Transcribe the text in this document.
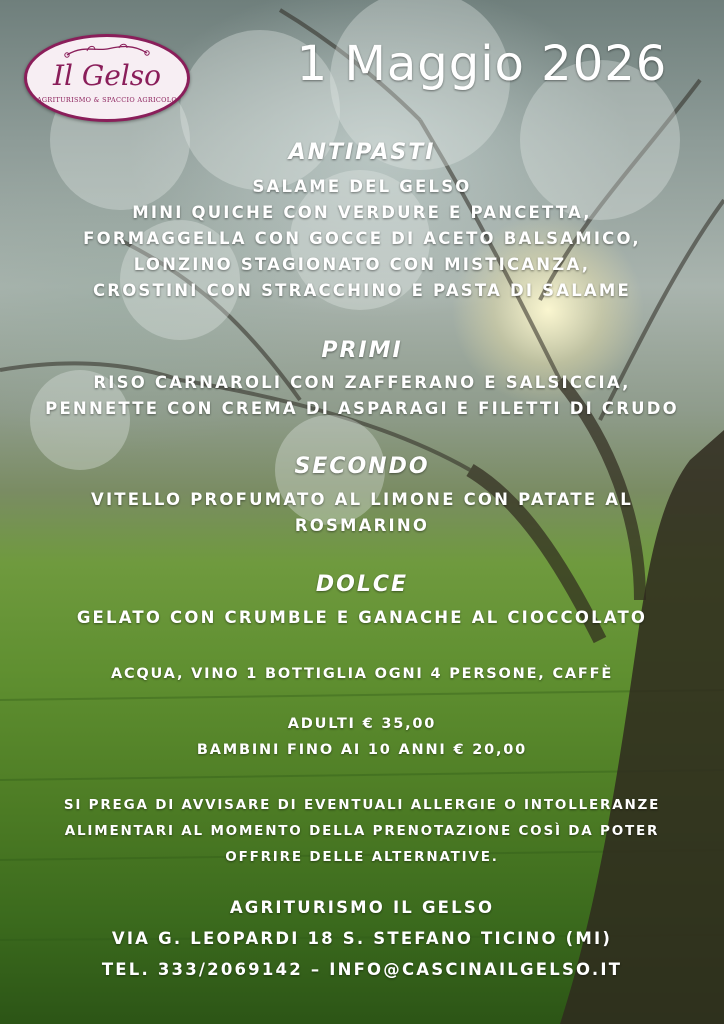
Il Gelso
AGRITURISMO & SPACCIO AGRICOLO
1 Maggio 2026
ANTIPASTI
SALAME DEL GELSO
MINI QUICHE CON VERDURE E PANCETTA,
FORMAGGELLA CON GOCCE DI ACETO BALSAMICO,
LONZINO STAGIONATO CON MISTICANZA,
CROSTINI CON STRACCHINO E PASTA DI SALAME
PRIMI
RISO CARNAROLI CON ZAFFERANO E SALSICCIA,
PENNETTE CON CREMA DI ASPARAGI E FILETTI DI CRUDO
SECONDO
VITELLO PROFUMATO AL LIMONE CON PATATE AL
ROSMARINO
DOLCE
GELATO CON CRUMBLE E GANACHE AL CIOCCOLATO
ACQUA, VINO 1 BOTTIGLIA OGNI 4 PERSONE, CAFFÈ
ADULTI € 35,00
BAMBINI FINO AI 10 ANNI € 20,00
SI PREGA DI AVVISARE DI EVENTUALI ALLERGIE O INTOLLERANZE
ALIMENTARI AL MOMENTO DELLA PRENOTAZIONE COSÌ DA POTER
OFFRIRE DELLE ALTERNATIVE.
AGRITURISMO IL GELSO
VIA G. LEOPARDI 18 S. STEFANO TICINO (MI)
TEL. 333/2069142 – INFO@CASCINAILGELSO.IT
